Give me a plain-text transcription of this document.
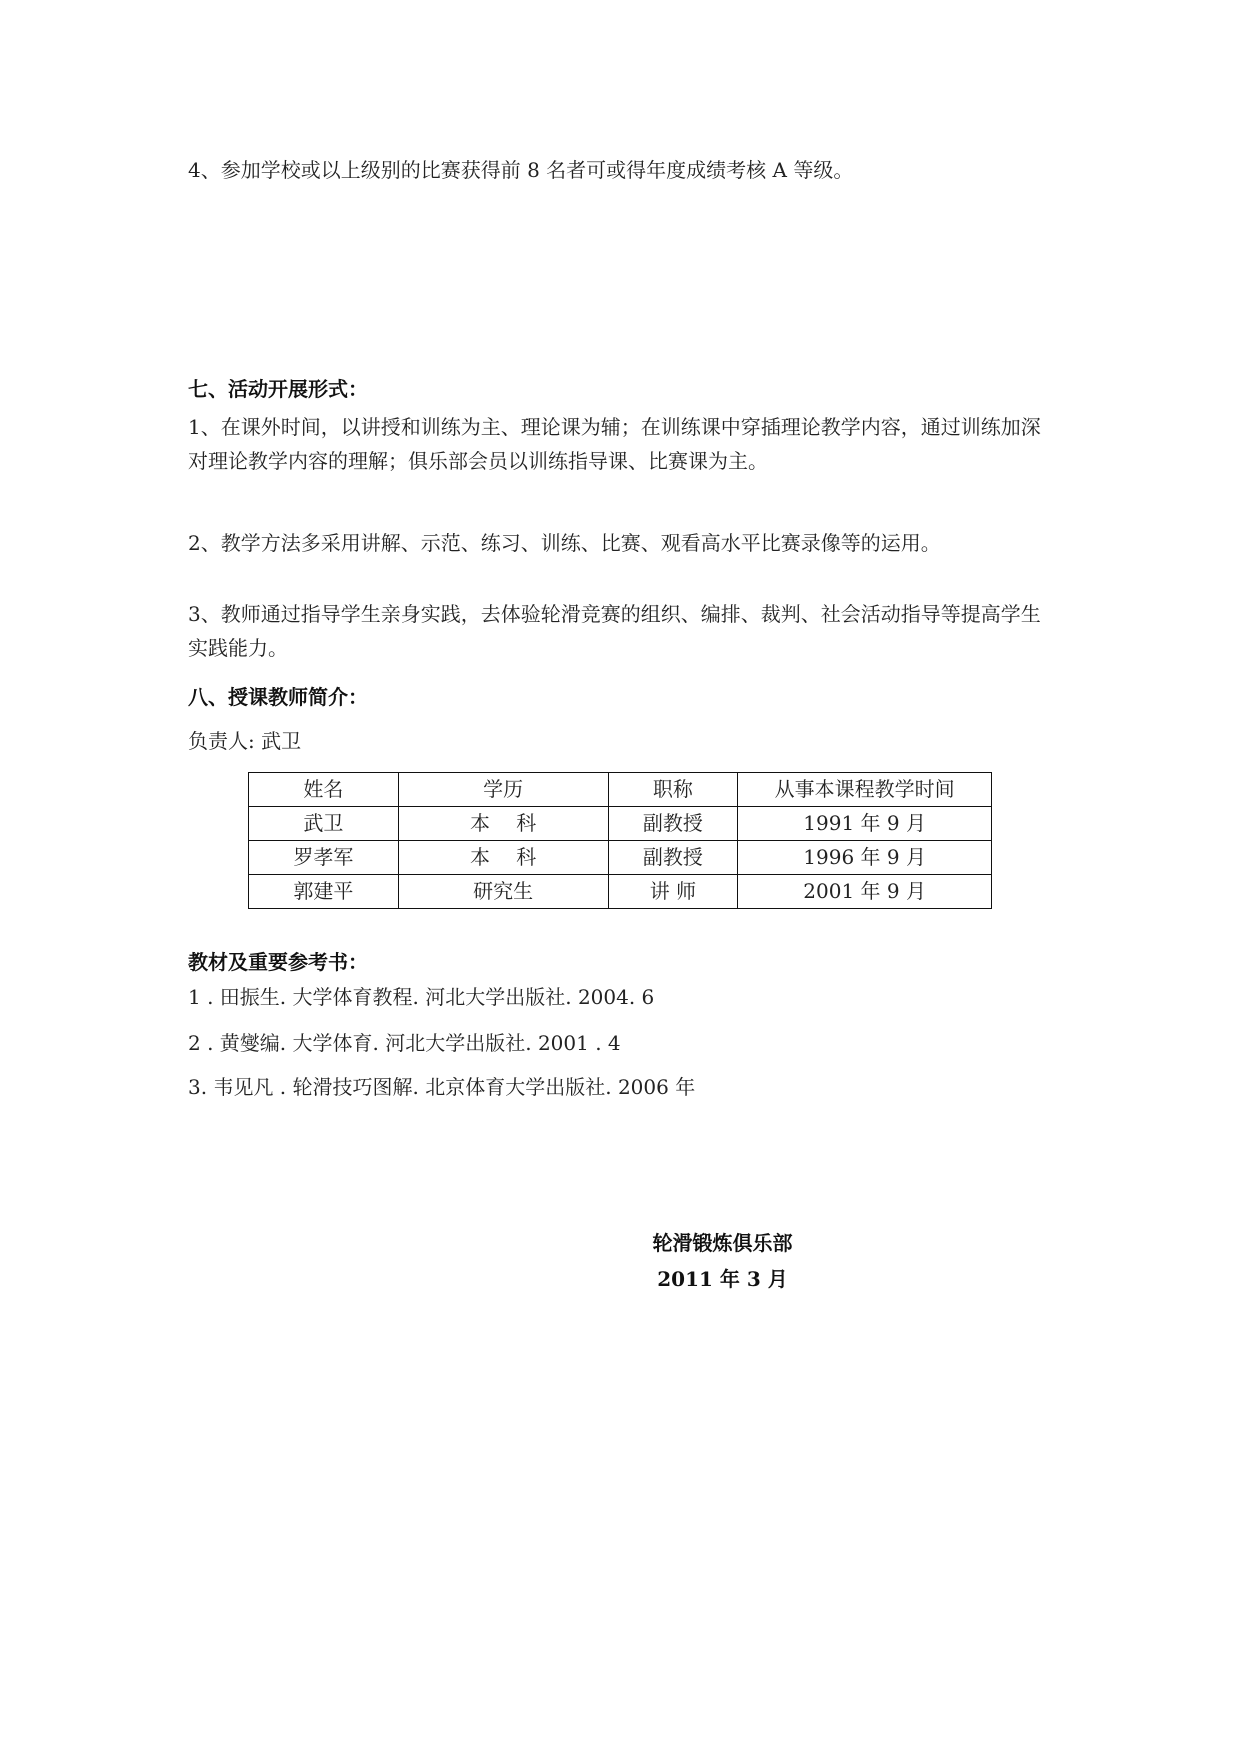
4、参加学校或以上级别的比赛获得前 8 名者可或得年度成绩考核 A 等级。
七、活动开展形式：
1、在课外时间，以讲授和训练为主、理论课为辅；在训练课中穿插理论教学内容，通过训练加深对理论教学内容的理解；俱乐部会员以训练指导课、比赛课为主。
2、教学方法多采用讲解、示范、练习、训练、比赛、观看高水平比赛录像等的运用。
3、教师通过指导学生亲身实践，去体验轮滑竞赛的组织、编排、裁判、社会活动指导等提高学生实践能力。
八、授课教师简介：
负责人: 武卫
姓名	学历	职称	从事本课程教学时间
武卫	本　 科	副教授	1991 年 9 月
罗孝军	本　 科	副教授	1996 年 9 月
郭建平	研究生	讲 师	2001 年 9 月
教材及重要参考书：
1 . 田振生. 大学体育教程. 河北大学出版社. 2004. 6
2 . 黄燮编. 大学体育. 河北大学出版社. 2001 . 4
3. 韦见凡 . 轮滑技巧图解. 北京体育大学出版社. 2006 年
轮滑锻炼俱乐部
2011 年 3 月
